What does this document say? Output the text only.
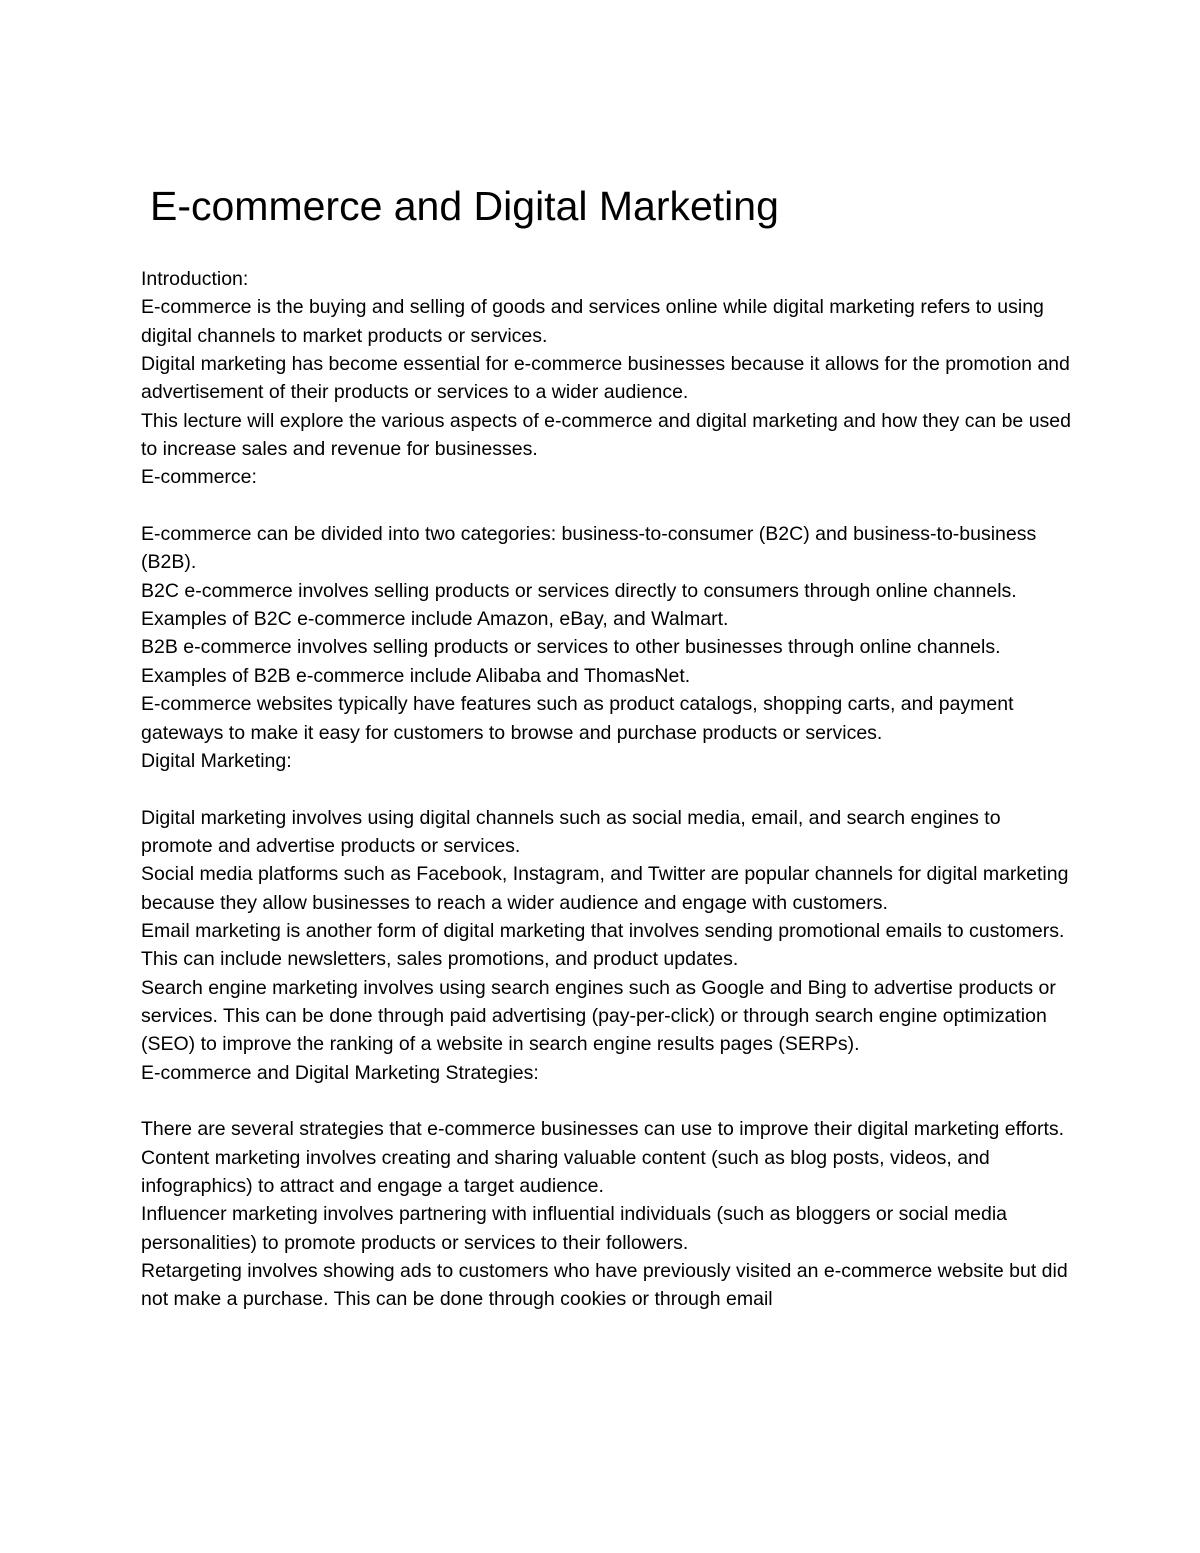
E-commerce and Digital Marketing

Introduction:

E-commerce is the buying and selling of goods and services online while digital marketing refers to using digital channels to market products or services.

Digital marketing has become essential for e-commerce businesses because it allows for the promotion and advertisement of their products or services to a wider audience.

This lecture will explore the various aspects of e-commerce and digital marketing and how they can be used to increase sales and revenue for businesses.

E-commerce:

E-commerce can be divided into two categories: business-to-consumer (B2C) and business-to-business (B2B).

B2C e-commerce involves selling products or services directly to consumers through online channels. Examples of B2C e-commerce include Amazon, eBay, and Walmart.

B2B e-commerce involves selling products or services to other businesses through online channels. Examples of B2B e-commerce include Alibaba and ThomasNet.

E-commerce websites typically have features such as product catalogs, shopping carts, and payment gateways to make it easy for customers to browse and purchase products or services.

Digital Marketing:

Digital marketing involves using digital channels such as social media, email, and search engines to promote and advertise products or services.

Social media platforms such as Facebook, Instagram, and Twitter are popular channels for digital marketing because they allow businesses to reach a wider audience and engage with customers.

Email marketing is another form of digital marketing that involves sending promotional emails to customers. This can include newsletters, sales promotions, and product updates.

Search engine marketing involves using search engines such as Google and Bing to advertise products or services. This can be done through paid advertising (pay-per-click) or through search engine optimization (SEO) to improve the ranking of a website in search engine results pages (SERPs).

E-commerce and Digital Marketing Strategies:

There are several strategies that e-commerce businesses can use to improve their digital marketing efforts.

Content marketing involves creating and sharing valuable content (such as blog posts, videos, and infographics) to attract and engage a target audience.

Influencer marketing involves partnering with influential individuals (such as bloggers or social media personalities) to promote products or services to their followers.

Retargeting involves showing ads to customers who have previously visited an e-commerce website but did not make a purchase. This can be done through cookies or through email
